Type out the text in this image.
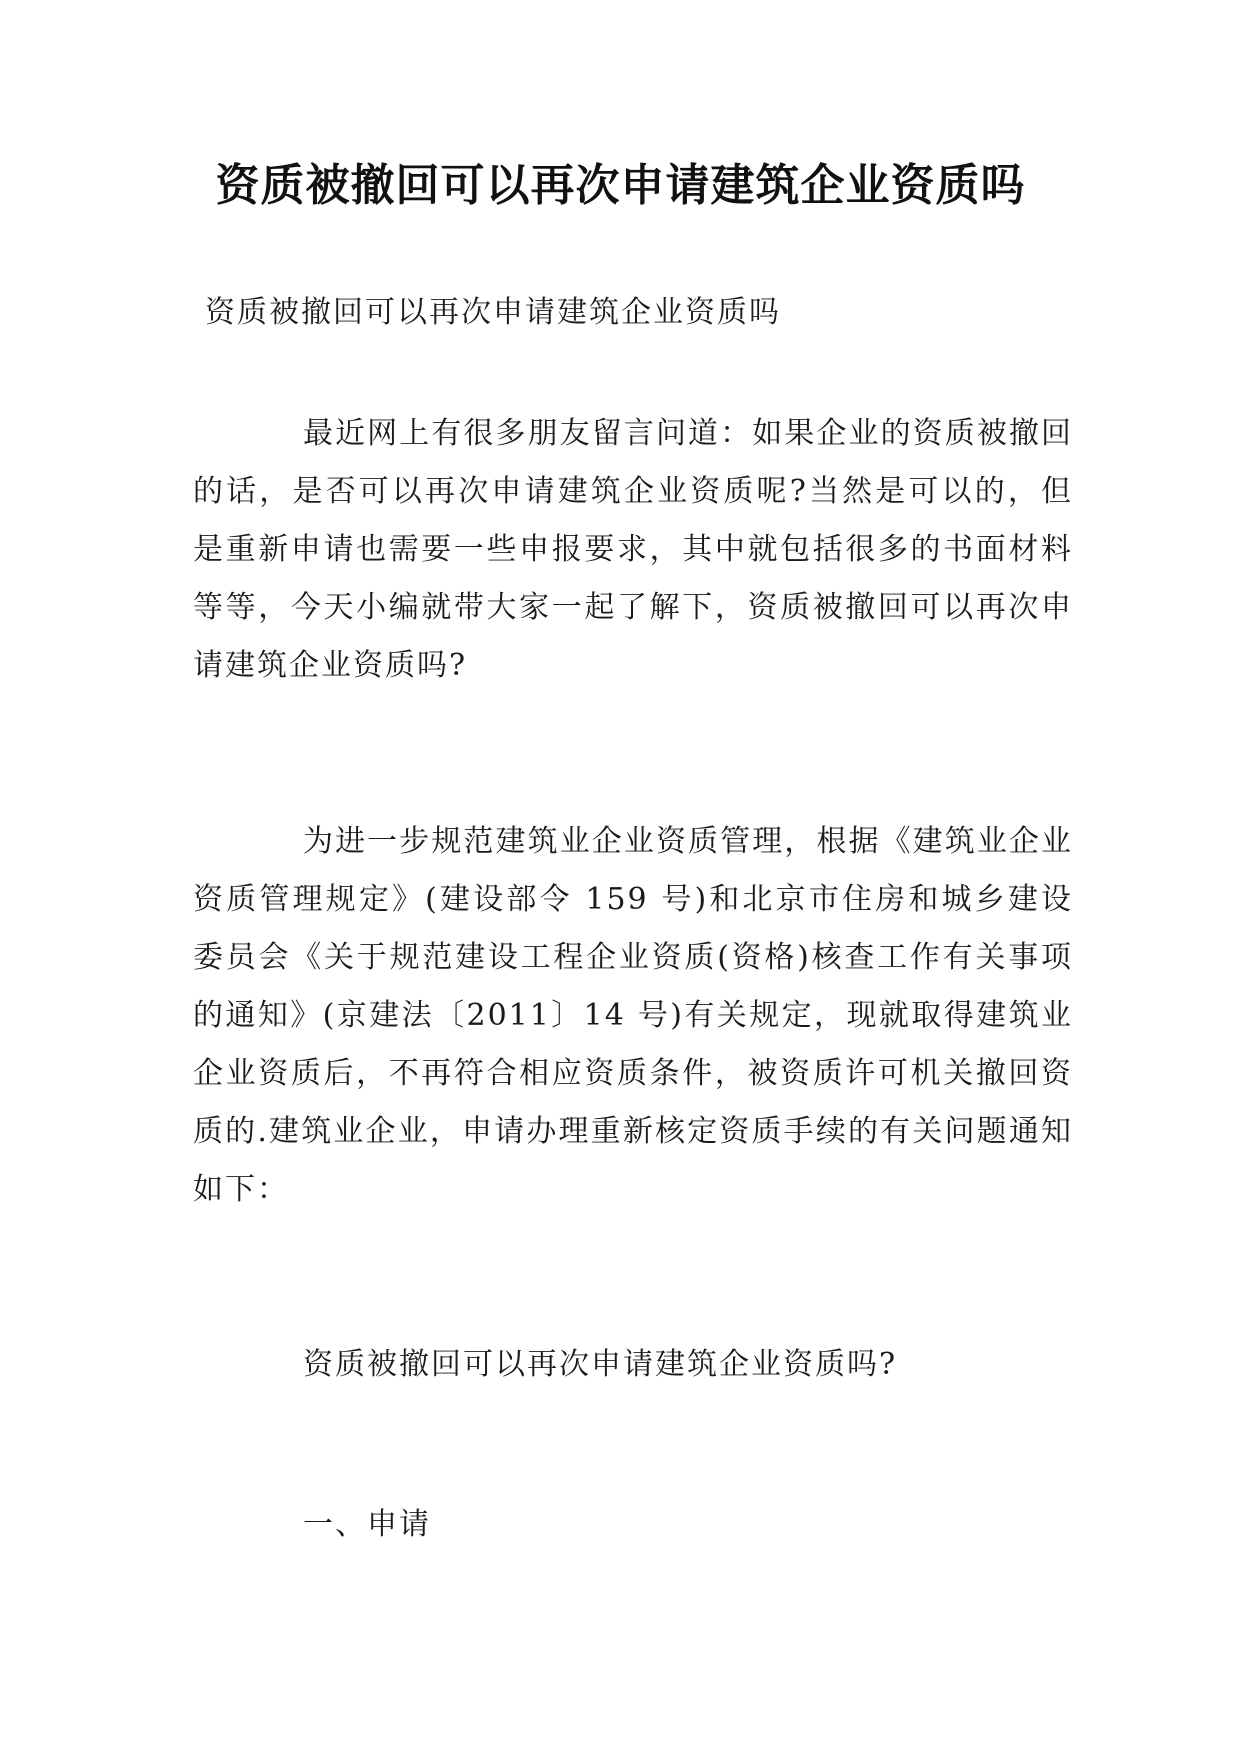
资质被撤回可以再次申请建筑企业资质吗
资质被撤回可以再次申请建筑企业资质吗

最近网上有很多朋友留言问道：如果企业的资质被撤回的话，是否可以再次申请建筑企业资质呢?当然是可以的，但是重新申请也需要一些申报要求，其中就包括很多的书面材料等等，今天小编就带大家一起了解下，资质被撤回可以再次申请建筑企业资质吗?

为进一步规范建筑业企业资质管理，根据《建筑业企业资质管理规定》(建设部令 159 号)和北京市住房和城乡建设委员会《关于规范建设工程企业资质(资格)核查工作有关事项的通知》(京建法〔2011〕14 号)有关规定，现就取得建筑业企业资质后，不再符合相应资质条件，被资质许可机关撤回资质的.建筑业企业，申请办理重新核定资质手续的有关问题通知如下：

资质被撤回可以再次申请建筑企业资质吗?
一、申请
